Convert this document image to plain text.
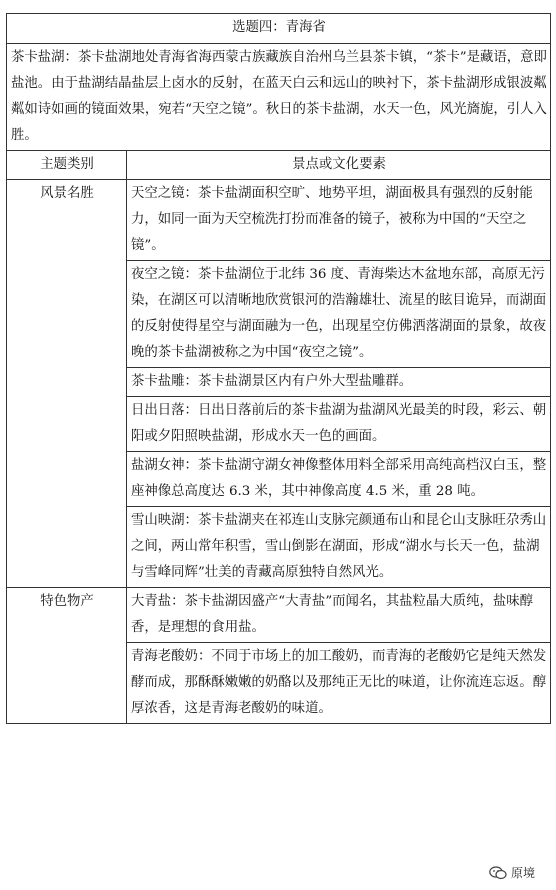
选题四：青海省	
茶卡盐湖：茶卡盐湖地处青海省海西蒙古族藏族自治州乌兰县茶卡镇，“茶卡”是藏语，意即盐池。由于盐湖结晶盐层上卤水的反射，在蓝天白云和远山的映衬下，茶卡盐湖形成银波粼粼如诗如画的镜面效果，宛若“天空之镜”。秋日的茶卡盐湖，水天一色，风光旖旎，引人入胜。	
主题类别	景点或文化要素
风景名胜	天空之镜：茶卡盐湖面积空旷、地势平坦，湖面极具有强烈的反射能力，如同一面为天空梳洗打扮而准备的镜子，被称为中国的“天空之镜”。
	夜空之镜：茶卡盐湖位于北纬 36 度、青海柴达木盆地东部，高原无污染，在湖区可以清晰地欣赏银河的浩瀚雄壮、流星的眩目诡异，而湖面的反射使得星空与湖面融为一色，出现星空仿佛洒落湖面的景象，故夜晚的茶卡盐湖被称之为中国“夜空之镜”。
	茶卡盐雕：茶卡盐湖景区内有户外大型盐雕群。
	日出日落：日出日落前后的茶卡盐湖为盐湖风光最美的时段，彩云、朝阳或夕阳照映盐湖，形成水天一色的画面。
	盐湖女神：茶卡盐湖守湖女神像整体用料全部采用高纯高档汉白玉，整座神像总高度达 6.3 米，其中神像高度 4.5 米，重 28 吨。
	雪山映湖：茶卡盐湖夹在祁连山支脉完颜通布山和昆仑山支脉旺尕秀山之间，两山常年积雪，雪山倒影在湖面，形成“湖水与长天一色，盐湖与雪峰同辉”壮美的青藏高原独特自然风光。
特色物产	大青盐：茶卡盐湖因盛产“大青盐”而闻名，其盐粒晶大质纯，盐味醇香，是理想的食用盐。
	青海老酸奶：不同于市场上的加工酸奶，而青海的老酸奶它是纯天然发酵而成，那酥酥嫩嫩的奶酪以及那纯正无比的味道，让你流连忘返。醇厚浓香，这是青海老酸奶的味道。
原境
